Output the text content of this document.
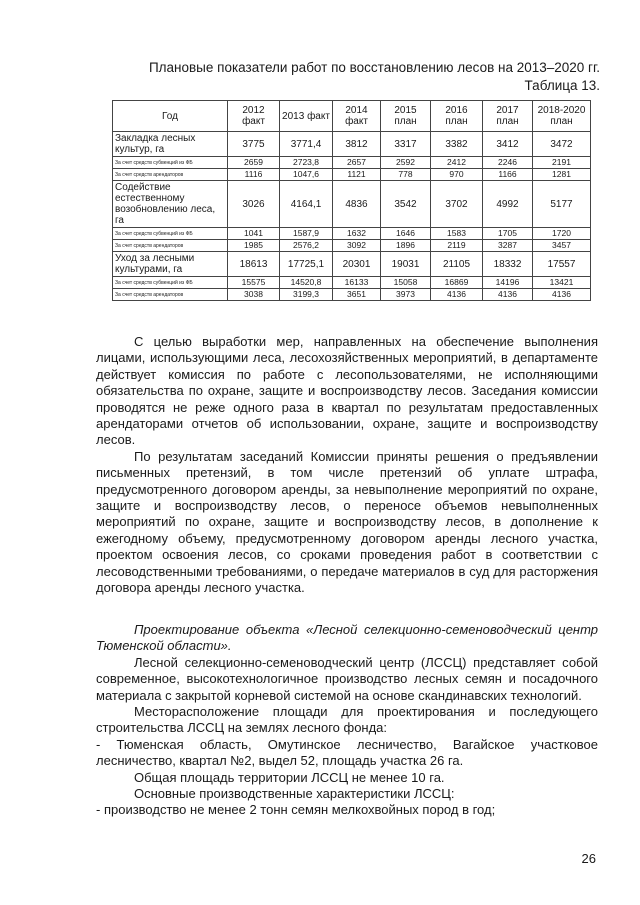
Плановые показатели работ по восстановлению лесов на 2013–2020 гг.
Таблица 13.
Год	2012 факт	2013 факт	2014 факт	2015 план	2016 план	2017 план	2018-2020 план
Закладка лесных культур, га	3775	3771,4	3812	3317	3382	3412	3472
За счет средств субвенций из ФБ	2659	2723,8	2657	2592	2412	2246	2191
За счет средств арендаторов	1116	1047,6	1121	778	970	1166	1281
Содействие естественному возобновлению леса, га	3026	4164,1	4836	3542	3702	4992	5177
За счет средств субвенций из ФБ	1041	1587,9	1632	1646	1583	1705	1720
За счет средств арендаторов	1985	2576,2	3092	1896	2119	3287	3457
Уход за лесными культурами, га	18613	17725,1	20301	19031	21105	18332	17557
За счет средств субвенций из ФБ	15575	14520,8	16133	15058	16869	14196	13421
За счет средств арендаторов	3038	3199,3	3651	3973	4136	4136	4136

С целью выработки мер, направленных на обеспечение выполнения лицами, использующими леса, лесохозяйственных мероприятий, в департаменте действует комиссия по работе с лесопользователями, не исполняющими обязательства по охране, защите и воспроизводству лесов. Заседания комиссии проводятся не реже одного раза в квартал по результатам предоставленных арендаторами отчетов об использовании, охране, защите и воспроизводству лесов.

По результатам заседаний Комиссии приняты решения о предъявлении письменных претензий, в том числе претензий об уплате штрафа, предусмотренного договором аренды, за невыполнение мероприятий по охране, защите и воспроизводству лесов, о переносе объемов невыполненных мероприятий по охране, защите и воспроизводству лесов, в дополнение к ежегодному объему, предусмотренному договором аренды лесного участка, проектом освоения лесов, со сроками проведения работ в соответствии с лесоводственными требованиями, о передаче материалов в суд для расторжения договора аренды лесного участка.

Проектирование объекта «Лесной селекционно-семеноводческий центр Тюменской области».

Лесной селекционно-семеноводческий центр (ЛССЦ) представляет собой современное, высокотехнологичное производство лесных семян и посадочного материала с закрытой корневой системой на основе скандинавских технологий.

Месторасположение площади для проектирования и последующего строительства ЛССЦ на землях лесного фонда:

- Тюменская область, Омутинское лесничество, Вагайское участковое лесничество, квартал №2, выдел 52, площадь участка 26 га.

Общая площадь территории ЛССЦ не менее 10 га.

Основные производственные характеристики ЛССЦ:

- производство не менее 2 тонн семян мелкохвойных пород в год;

26
